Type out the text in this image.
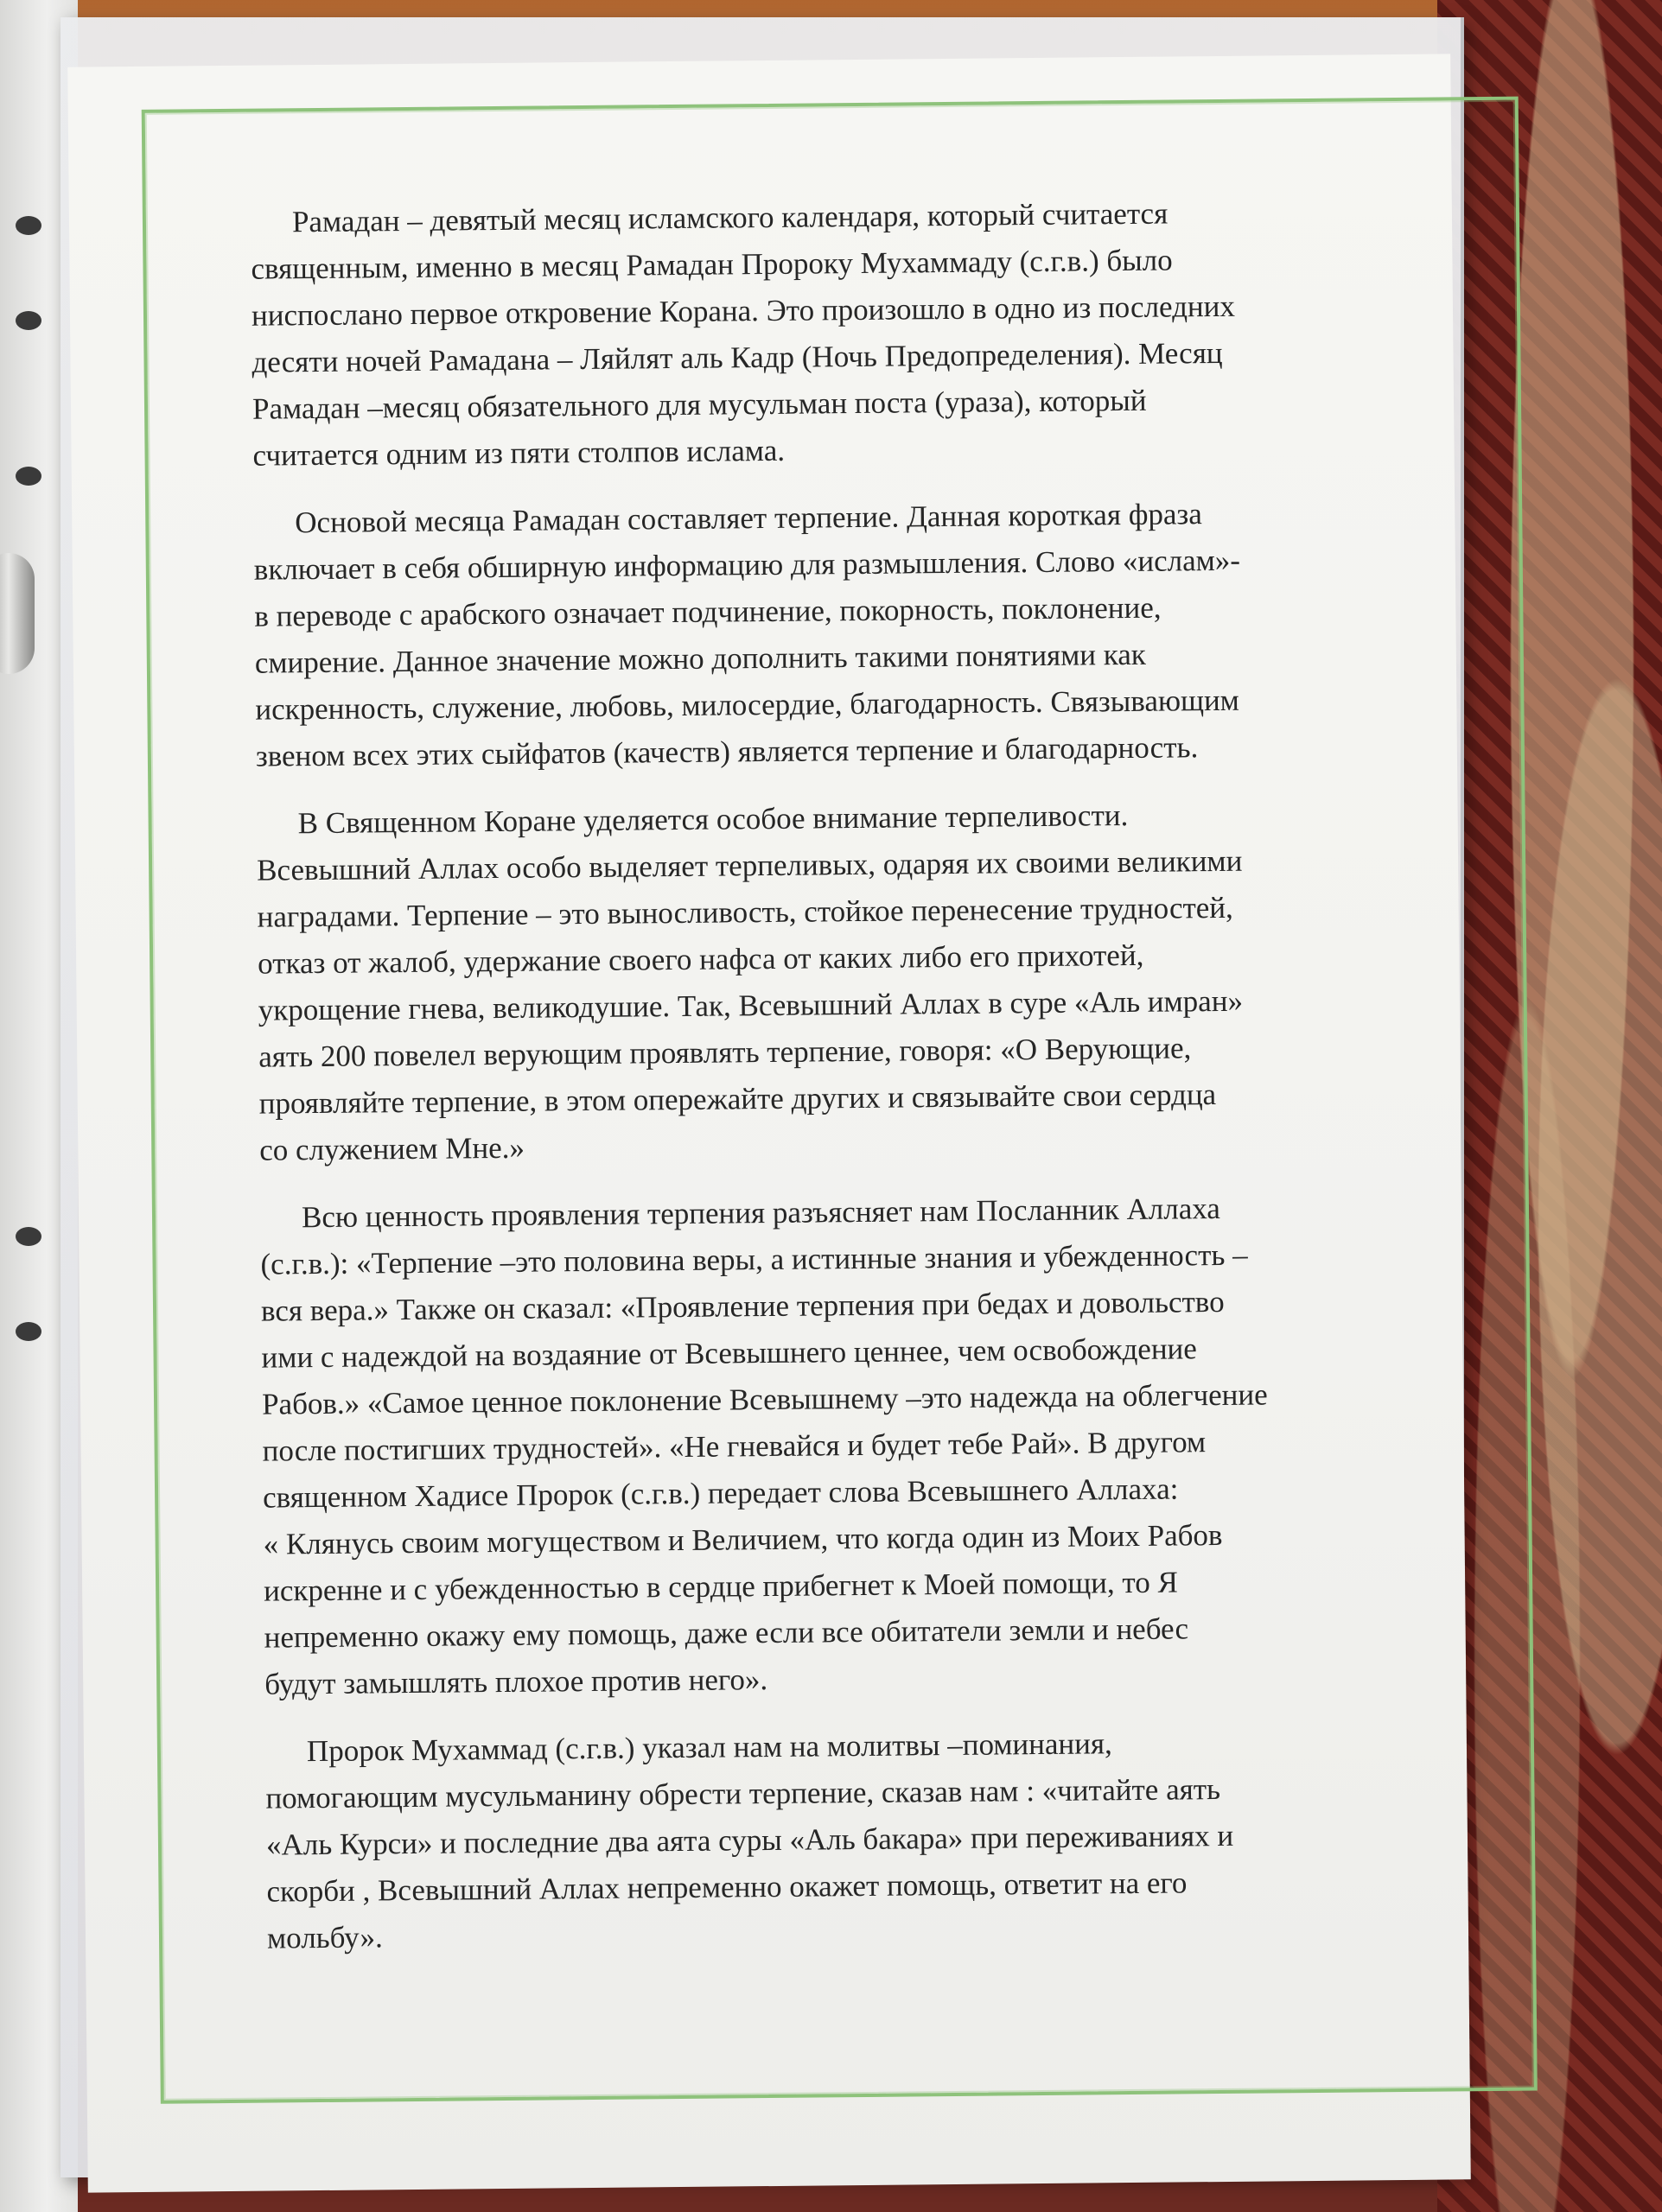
Рамадан – девятый месяц исламского календаря, который считается
священным, именно в месяц Рамадан Пророку Мухаммаду (с.г.в.) было
ниспослано первое откровение Корана. Это произошло в одно из последних
десяти ночей Рамадана – Ляйлят аль Кадр (Ночь Предопределения). Месяц
Рамадан –месяц обязательного для мусульман поста (ураза), который
считается одним из пяти столпов ислама.

Основой месяца Рамадан составляет терпение. Данная короткая фраза
включает в себя обширную информацию для размышления. Слово «ислам»-
в переводе с арабского означает подчинение, покорность, поклонение,
смирение. Данное значение можно дополнить такими понятиями как
искренность, служение, любовь, милосердие, благодарность. Связывающим
звеном всех этих сыйфатов (качеств) является терпение и благодарность.

В Священном Коране уделяется особое внимание терпеливости.
Всевышний Аллах особо выделяет терпеливых, одаряя их своими великими
наградами. Терпение – это выносливость, стойкое перенесение трудностей,
отказ от жалоб, удержание своего нафса от каких либо его прихотей,
укрощение гнева, великодушие. Так, Всевышний Аллах в суре «Аль имран»
аять 200 повелел верующим проявлять терпение, говоря: «О Верующие,
проявляйте терпение, в этом опережайте других и связывайте свои сердца
со служением Мне.»

Всю ценность проявления терпения разъясняет нам Посланник Аллаха
(с.г.в.): «Терпение –это половина веры, а истинные знания и убежденность –
вся вера.» Также он сказал: «Проявление терпения при бедах и довольство
ими с надеждой на воздаяние от Всевышнего ценнее, чем освобождение
Рабов.» «Самое ценное поклонение Всевышнему –это надежда на облегчение
после постигших трудностей». «Не гневайся и будет тебе Рай». В другом
священном Хадисе Пророк (с.г.в.) передает слова Всевышнего Аллаха:
« Клянусь своим могуществом и Величием, что когда один из Моих Рабов
искренне и с убежденностью в сердце прибегнет к Моей помощи, то Я
непременно окажу ему помощь, даже если все обитатели земли и небес
будут замышлять плохое против него».

Пророк Мухаммад (с.г.в.) указал нам на молитвы –поминания,
помогающим мусульманину обрести терпение, сказав нам : «читайте аять
«Аль Курси» и последние два аята суры «Аль бакара» при переживаниях и
скорби , Всевышний Аллах непременно окажет помощь, ответит на его
мольбу».
